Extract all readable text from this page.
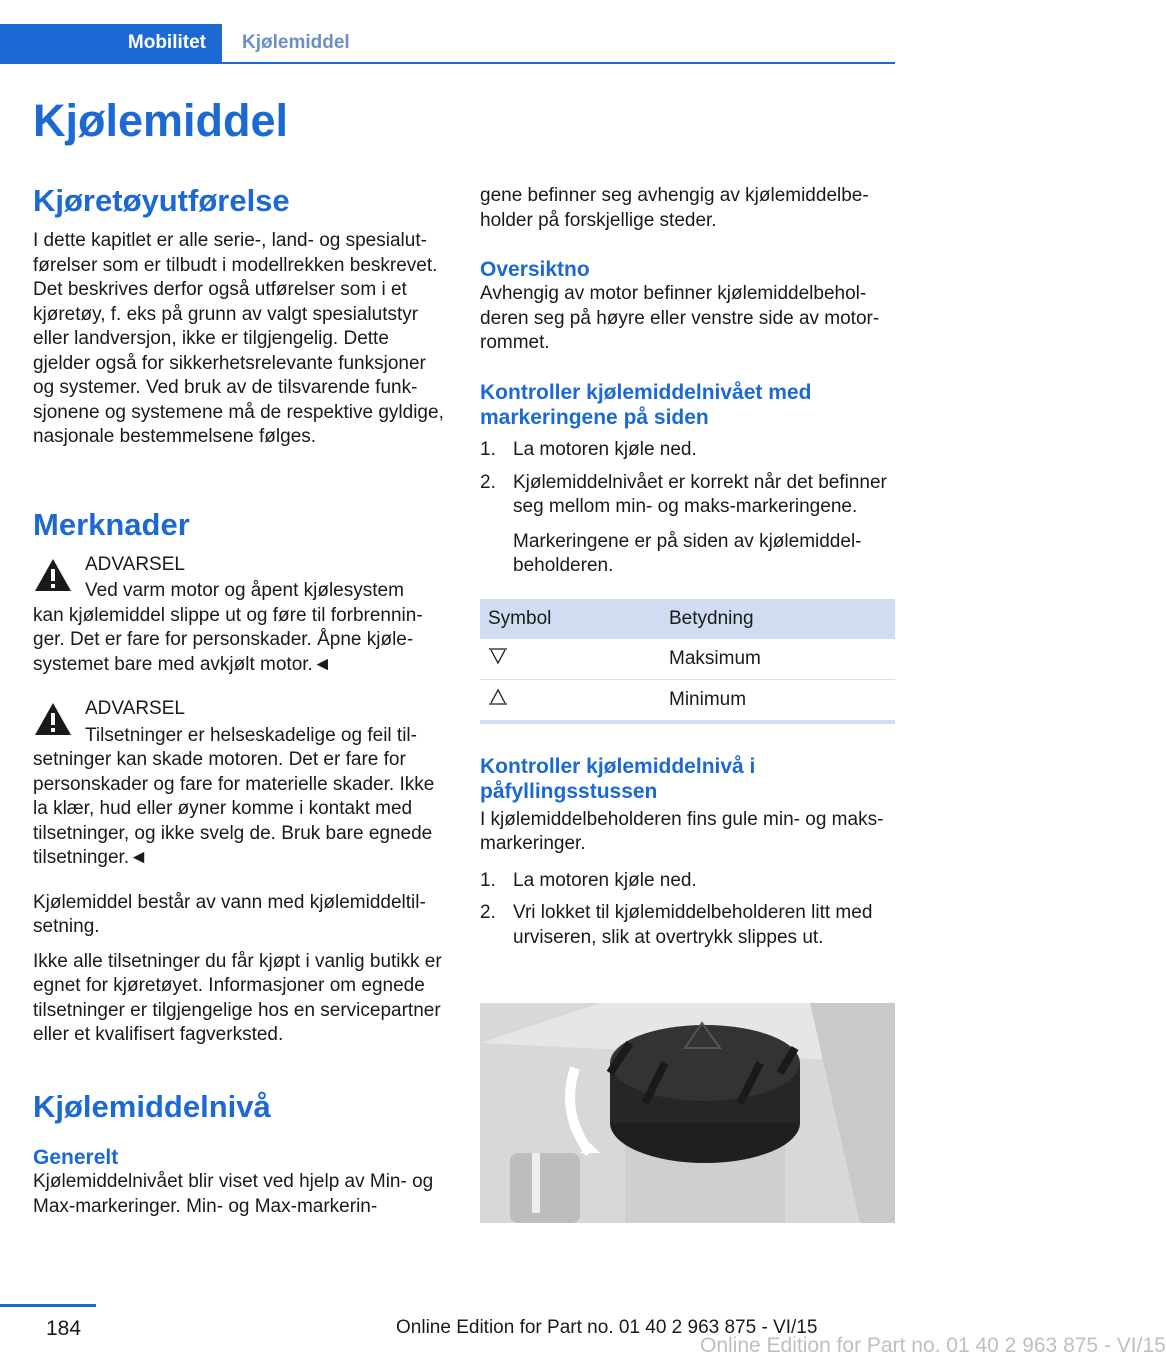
Mobilitet	Kjølemiddel
Kjølemiddel
Kjøretøyutførelse

I dette kapitlet er alle serie-, land- og spesialutførelser som er tilbudt i modellrekken beskrevet. Det beskrives derfor også utførelser som i et kjøretøy, f. eks på grunn av valgt spesialutstyr eller landversjon, ikke er tilgjengelig. Dette gjelder også for sikkerhetsrelevante funksjoner og systemer. Ved bruk av de tilsvarende funksjonene og systemene må de respektive gyldige, nasjonale bestemmelsene følges.

Merknader

ADVARSEL

Ved varm motor og åpent kjølesystem

kan kjølemiddel slippe ut og føre til forbrenninger. Det er fare for personskader. Åpne kjølesystemet bare med avkjølt motor.◄

ADVARSEL

Tilsetninger er helseskadelige og feil til-

setninger kan skade motoren. Det er fare for personskader og fare for materielle skader. Ikke la klær, hud eller øyner komme i kontakt med tilsetninger, og ikke svelg de. Bruk bare egnede tilsetninger.◄

Kjølemiddel består av vann med kjølemiddeltilsetning.

Ikke alle tilsetninger du får kjøpt i vanlig butikk er egnet for kjøretøyet. Informasjoner om egnede tilsetninger er tilgjengelige hos en servicepartner eller et kvalifisert fagverksted.

Kjølemiddelnivå
Generelt

Kjølemiddelnivået blir viset ved hjelp av Min- og Max-markeringer. Min- og Max-markerin-

gene befinner seg avhengig av kjølemiddelbeholder på forskjellige steder.

Oversiktno

Avhengig av motor befinner kjølemiddelbeholderen seg på høyre eller venstre side av motorrommet.

Kontroller kjølemiddelnivået med markeringene på siden
1. La motoren kjøle ned.
2. Kjølemiddelnivået er korrekt når det befinner seg mellom min- og maks-markeringene.

Markeringene er på siden av kjølemiddelbeholderen.

Symbol	Betydning
	Maksimum
	Minimum
Kontroller kjølemiddelnivå i påfyllingsstussen

I kjølemiddelbeholderen fins gule min- og maks-markeringer.

1. La motoren kjøle ned.
2. Vri lokket til kjølemiddelbeholderen litt med urviseren, slik at overtrykk slippes ut.
184	Online Edition for Part no. 01 40 2 963 875 - VI/15
Online Edition for Part no. 01 40 2 963 875 - VI/15
